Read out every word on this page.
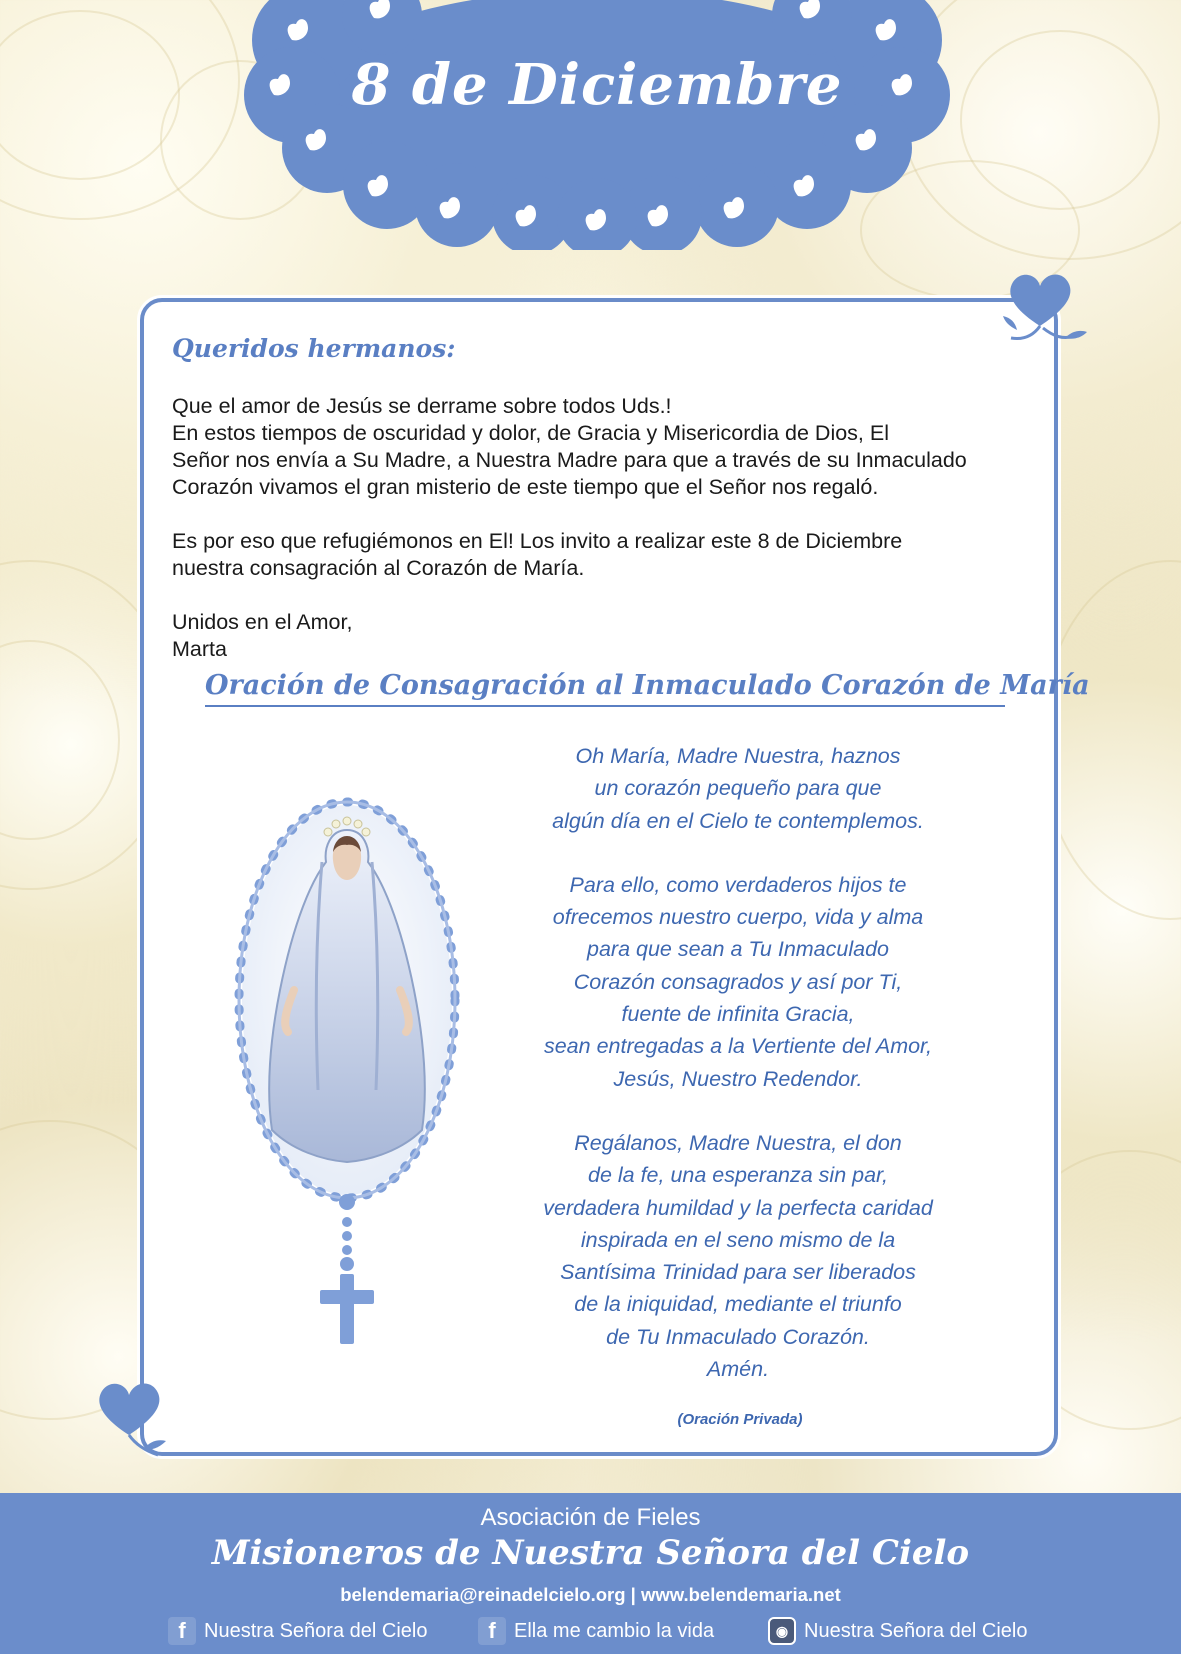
8 de Diciembre
Queridos hermanos:

Que el amor de Jesús se derrame sobre todos Uds.!
En estos tiempos de oscuridad y dolor, de Gracia y Misericordia de Dios, El
Señor nos envía a Su Madre, a Nuestra Madre para que a través de su Inmaculado
Corazón vivamos el gran misterio de este tiempo que el Señor nos regaló.

Es por eso que refugiémonos en El! Los invito a realizar este 8 de Diciembre
nuestra consagración al Corazón de María.

Unidos en el Amor,
Marta

Oración de Consagración al Inmaculado Corazón de María
Oh María, Madre Nuestra, haznos
un corazón pequeño para que
algún día en el Cielo te contemplemos.
Para ello, como verdaderos hijos te
ofrecemos nuestro cuerpo, vida y alma
para que sean a Tu Inmaculado
Corazón consagrados y así por Ti,
fuente de infinita Gracia,
sean entregadas a la Vertiente del Amor,
Jesús, Nuestro Redendor.
Regálanos, Madre Nuestra, el don
de la fe, una esperanza sin par,
verdadera humildad y la perfecta caridad
inspirada en el seno mismo de la
Santísima Trinidad para ser liberados
de la iniquidad, mediante el triunfo
de Tu Inmaculado Corazón.
Amén.
(Oración Privada)
Asociación de Fieles
Misioneros de Nuestra Señora del Cielo
belendemaria@reinadelcielo.org | www.belendemaria.net
f Nuestra Señora del Cielo	f Ella me cambio la vida	◉ Nuestra Señora del Cielo
